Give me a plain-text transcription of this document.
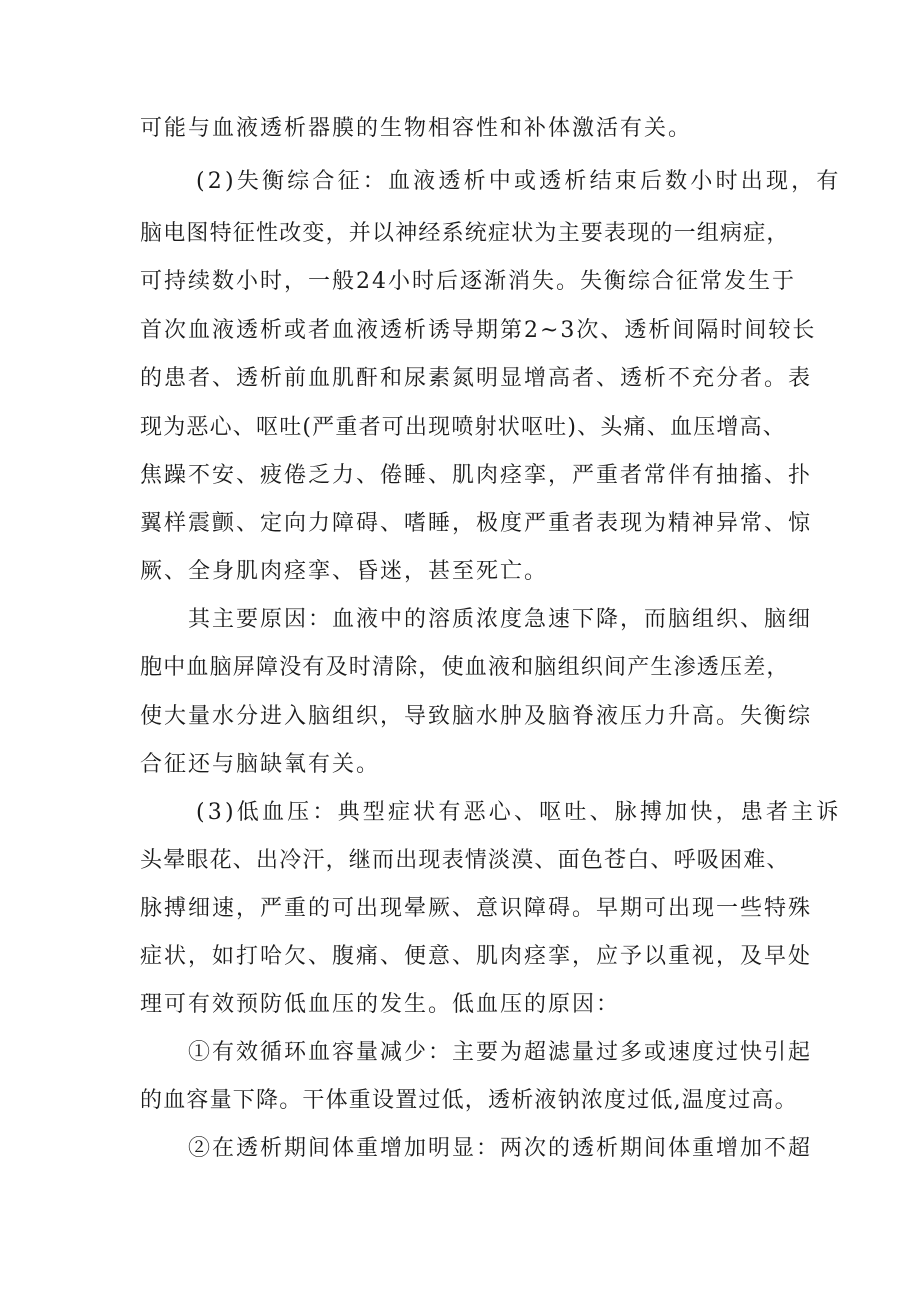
可能与血液透析器膜的生物相容性和补体激活有关。
(2)失衡综合征：血液透析中或透析结束后数小时出现，有
脑电图特征性改变，并以神经系统症状为主要表现的一组病症，
可持续数小时，一般24小时后逐渐消失。失衡综合征常发生于
首次血液透析或者血液透析诱导期第2~3次、透析间隔时间较长
的患者、透析前血肌酐和尿素氮明显增高者、透析不充分者。表
现为恶心、呕吐(严重者可出现喷射状呕吐)、头痛、血压增高、
焦躁不安、疲倦乏力、倦睡、肌肉痉挛，严重者常伴有抽搐、扑
翼样震颤、定向力障碍、嗜睡，极度严重者表现为精神异常、惊
厥、全身肌肉痉挛、昏迷，甚至死亡。
其主要原因：血液中的溶质浓度急速下降，而脑组织、脑细
胞中血脑屏障没有及时清除，使血液和脑组织间产生渗透压差，
使大量水分进入脑组织，导致脑水肿及脑脊液压力升高。失衡综
合征还与脑缺氧有关。
(3)低血压：典型症状有恶心、呕吐、脉搏加快，患者主诉
头晕眼花、出冷汗，继而出现表情淡漠、面色苍白、呼吸困难、
脉搏细速，严重的可出现晕厥、意识障碍。早期可出现一些特殊
症状，如打哈欠、腹痛、便意、肌肉痉挛，应予以重视，及早处
理可有效预防低血压的发生。低血压的原因：
①有效循环血容量减少：主要为超滤量过多或速度过快引起
的血容量下降。干体重设置过低，透析液钠浓度过低,温度过高。
②在透析期间体重增加明显：两次的透析期间体重增加不超
